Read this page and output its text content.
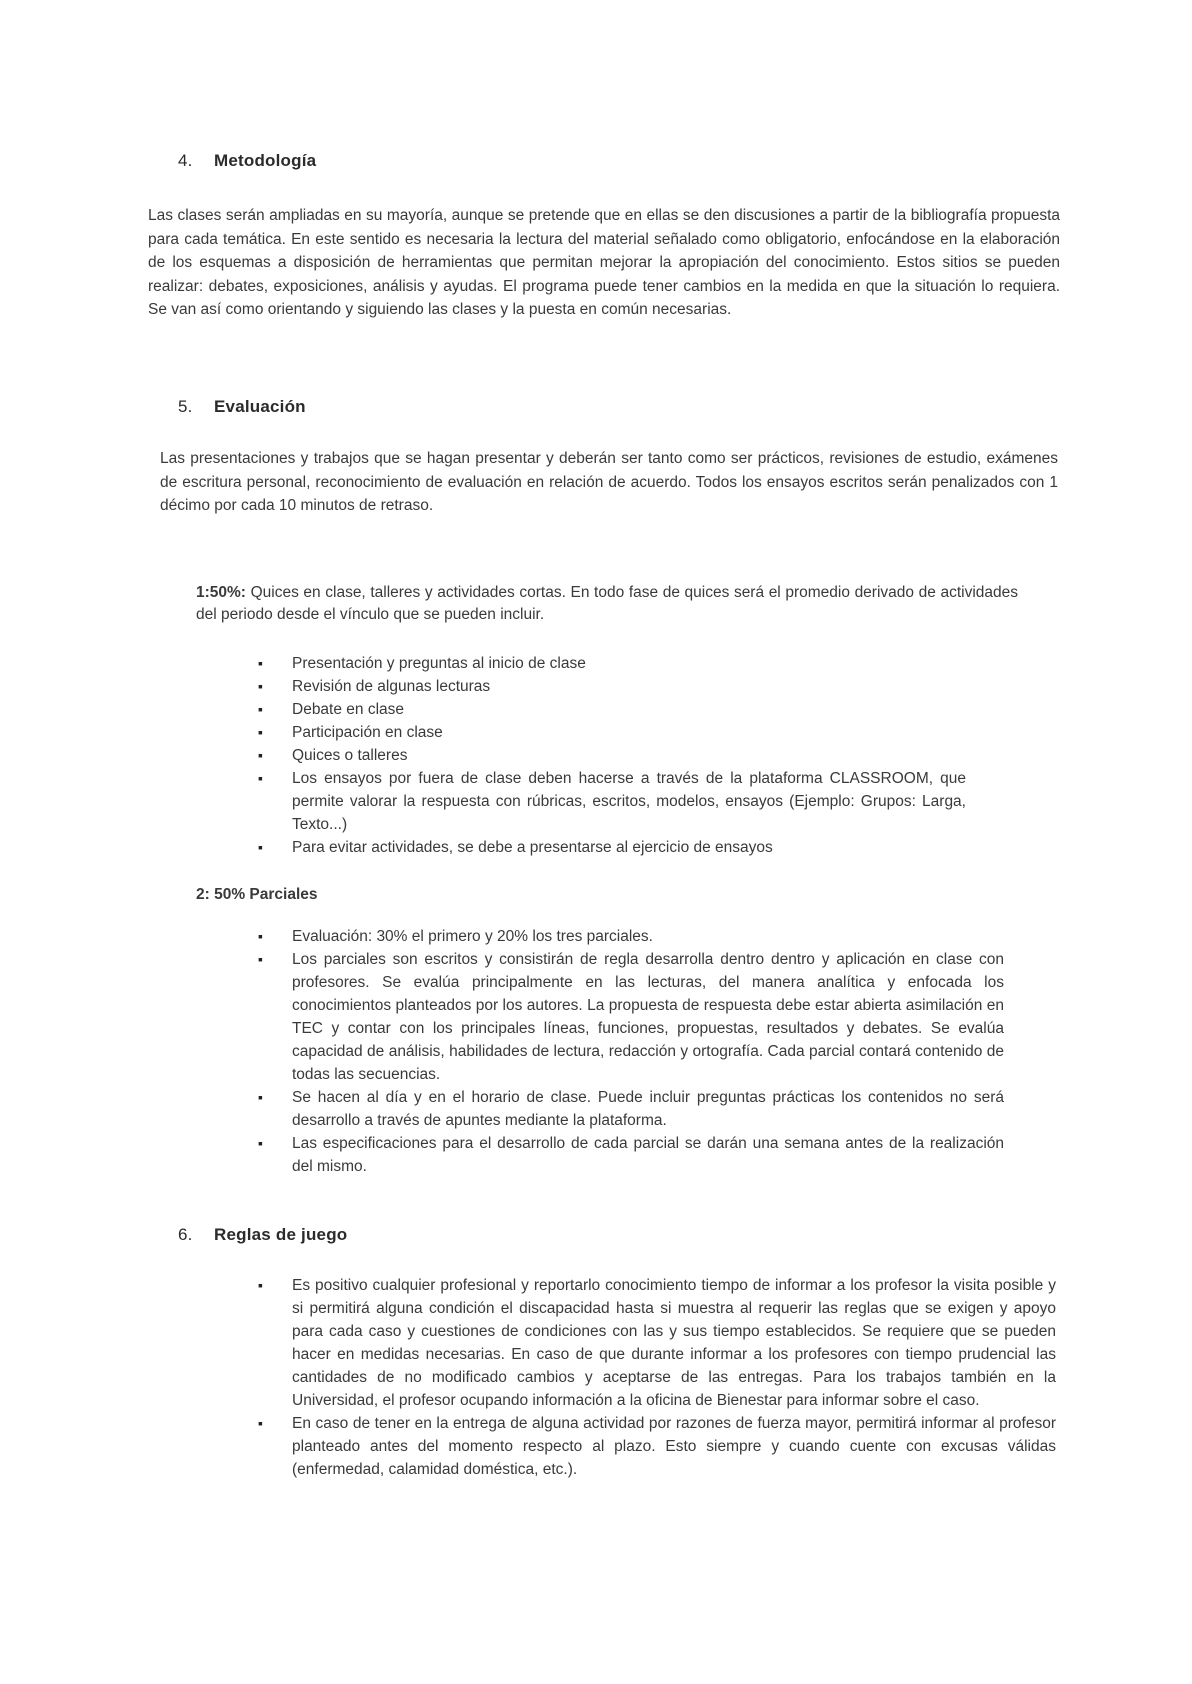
4. Metodología

Las clases serán ampliadas en su mayoría, aunque se pretende que en ellas se den discusiones a partir de la bibliografía propuesta para cada temática. En este sentido es necesaria la lectura del material señalado como obligatorio, enfocándose en la elaboración de los esquemas a disposición de herramientas que permitan mejorar la apropiación del conocimiento. Estos sitios se pueden realizar: debates, exposiciones, análisis y ayudas. El programa puede tener cambios en la medida en que la situación lo requiera. Se van así como orientando y siguiendo las clases y la puesta en común necesarias.

5. Evaluación

Las presentaciones y trabajos que se hagan presentar y deberán ser tanto como ser prácticos, revisiones de estudio, exámenes de escritura personal, reconocimiento de evaluación en relación de acuerdo. Todos los ensayos escritos serán penalizados con 1 décimo por cada 10 minutos de retraso.

1:50%: Quices en clase, talleres y actividades cortas. En todo fase de quices será el promedio derivado de actividades del periodo desde el vínculo que se pueden incluir.

▪ Presentación y preguntas al inicio de clase
▪ Revisión de algunas lecturas
▪ Debate en clase
▪ Participación en clase
▪ Quices o talleres
▪ Los ensayos por fuera de clase deben hacerse a través de la plataforma CLASSROOM, que permite valorar la respuesta con rúbricas, escritos, modelos, ensayos (Ejemplo: Grupos: Larga, Texto...)
▪ Para evitar actividades, se debe a presentarse al ejercicio de ensayos

2: 50% Parciales

▪ Evaluación: 30% el primero y 20% los tres parciales.
▪ Los parciales son escritos y consistirán de regla desarrolla dentro dentro y aplicación en clase con profesores. Se evalúa principalmente en las lecturas, del manera analítica y enfocada los conocimientos planteados por los autores. La propuesta de respuesta debe estar abierta asimilación en TEC y contar con los principales líneas, funciones, propuestas, resultados y debates. Se evalúa capacidad de análisis, habilidades de lectura, redacción y ortografía. Cada parcial contará contenido de todas las secuencias.
▪ Se hacen al día y en el horario de clase. Puede incluir preguntas prácticas los contenidos no será desarrollo a través de apuntes mediante la plataforma.
▪ Las especificaciones para el desarrollo de cada parcial se darán una semana antes de la realización del mismo.
6. Reglas de juego
▪ Es positivo cualquier profesional y reportarlo conocimiento tiempo de informar a los profesor la visita posible y si permitirá alguna condición el discapacidad hasta si muestra al requerir las reglas que se exigen y apoyo para cada caso y cuestiones de condiciones con las y sus tiempo establecidos. Se requiere que se pueden hacer en medidas necesarias. En caso de que durante informar a los profesores con tiempo prudencial las cantidades de no modificado cambios y aceptarse de las entregas. Para los trabajos también en la Universidad, el profesor ocupando información a la oficina de Bienestar para informar sobre el caso.
▪ En caso de tener en la entrega de alguna actividad por razones de fuerza mayor, permitirá informar al profesor planteado antes del momento respecto al plazo. Esto siempre y cuando cuente con excusas válidas (enfermedad, calamidad doméstica, etc.).
